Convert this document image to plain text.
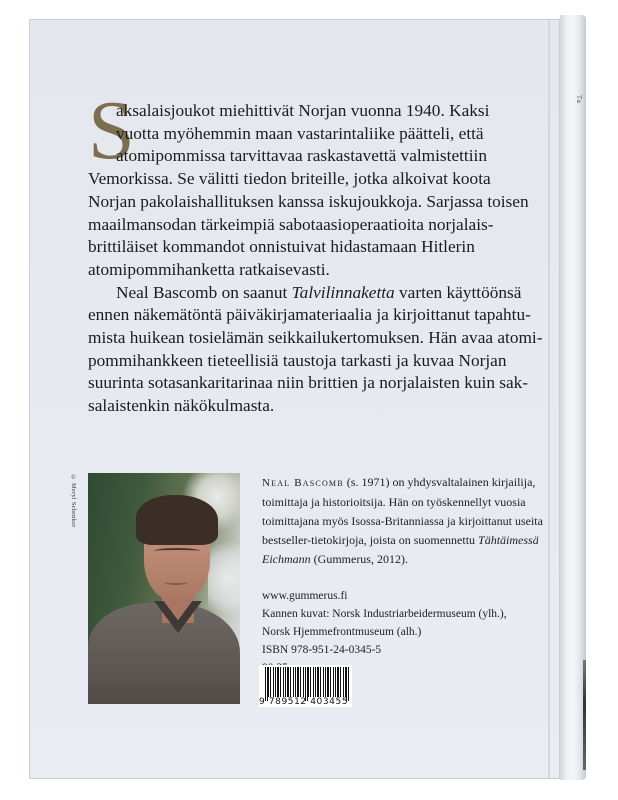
Ta
S

aksalaisjoukot miehittivät Norjan vuonna 1940. Kaksi
vuotta myöhemmin maan vastarintaliike päätteli, että
atomipommissa tarvittavaa raskastavettä valmistettiin

Vemorkissa. Se välitti tiedon briteille, jotka alkoivat koota
Norjan pakolaishallituksen kanssa iskujoukkoja. Sarjassa toisen
maailmansodan tärkeimpiä sabotaasioperaatioita norjalais-
brittiläiset kommandot onnistuivat hidastamaan Hitlerin
atomipommihanketta ratkaisevasti.

Neal Bascomb on saanut Talvilinnaketta varten käyttöönsä
ennen näkemätöntä päiväkirjamateriaalia ja kirjoittanut tapahtu-
mista huikean tosielämän seikkailukertomuksen. Hän avaa atomi-
pommihankkeen tieteellisiä taustoja tarkasti ja kuvaa Norjan
suurinta sotasankaritarinaa niin brittien ja norjalaisten kuin sak-
salaistenkin näkökulmasta.

© Meryl Schenker	Neal Bascomb (s. 1971) on yhdysvaltalainen kirjailija,
toimittaja ja historioitsija. Hän on työskennellyt vuosia
toimittajana myös Isossa-Britanniassa ja kirjoittanut useita
bestseller-tietokirjoja, joista on suomennettu Tähtäimessä
Eichmann (Gummerus, 2012).
www.gummerus.fi
Kannen kuvat: Norsk Industriarbeidermuseum (ylh.),
Norsk Hjemmefrontmuseum (alh.)
ISBN 978-951-24-0345-5
9 789512 403455
